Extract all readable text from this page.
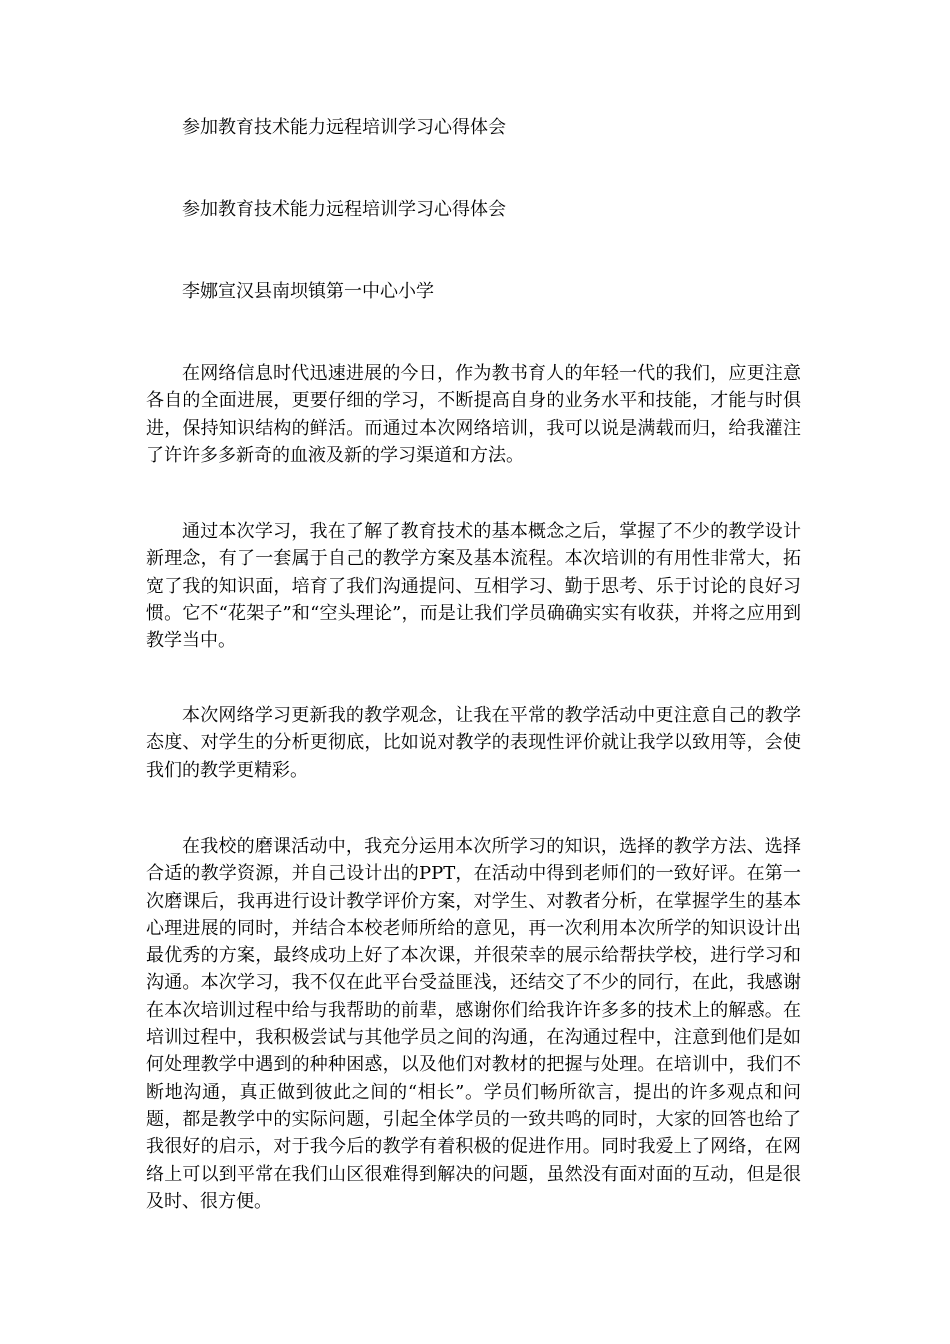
参加教育技术能力远程培训学习心得体会
参加教育技术能力远程培训学习心得体会
李娜宣汉县南坝镇第一中心小学

在网络信息时代迅速进展的今日，作为教书育人的年轻一代的我们，应更注意各自的全面进展，更要仔细的学习，不断提高自身的业务水平和技能，才能与时俱进，保持知识结构的鲜活。而通过本次网络培训，我可以说是满载而归，给我灌注了许许多多新奇的血液及新的学习渠道和方法。

通过本次学习，我在了解了教育技术的基本概念之后，掌握了不少的教学设计新理念，有了一套属于自己的教学方案及基本流程。本次培训的有用性非常大，拓宽了我的知识面，培育了我们沟通提问、互相学习、勤于思考、乐于讨论的良好习惯。它不“花架子”和“空头理论”，而是让我们学员确确实实有收获，并将之应用到教学当中。

本次网络学习更新我的教学观念，让我在平常的教学活动中更注意自己的教学态度、对学生的分析更彻底，比如说对教学的表现性评价就让我学以致用等，会使我们的教学更精彩。

在我校的磨课活动中，我充分运用本次所学习的知识，选择的教学方法、选择合适的教学资源，并自己设计出的PPT，在活动中得到老师们的一致好评。在第一次磨课后，我再进行设计教学评价方案，对学生、对教者分析，在掌握学生的基本心理进展的同时，并结合本校老师所给的意见，再一次利用本次所学的知识设计出最优秀的方案，最终成功上好了本次课，并很荣幸的展示给帮扶学校，进行学习和沟通。本次学习，我不仅在此平台受益匪浅，还结交了不少的同行，在此，我感谢在本次培训过程中给与我帮助的前辈，感谢你们给我许许多多的技术上的解惑。在培训过程中，我积极尝试与其他学员之间的沟通，在沟通过程中，注意到他们是如何处理教学中遇到的种种困惑，以及他们对教材的把握与处理。在培训中，我们不断地沟通，真正做到彼此之间的“相长”。学员们畅所欲言，提出的许多观点和问题，都是教学中的实际问题，引起全体学员的一致共鸣的同时，大家的回答也给了我很好的启示，对于我今后的教学有着积极的促进作用。同时我爱上了网络，在网络上可以到平常在我们山区很难得到解决的问题，虽然没有面对面的互动，但是很及时、很方便。
